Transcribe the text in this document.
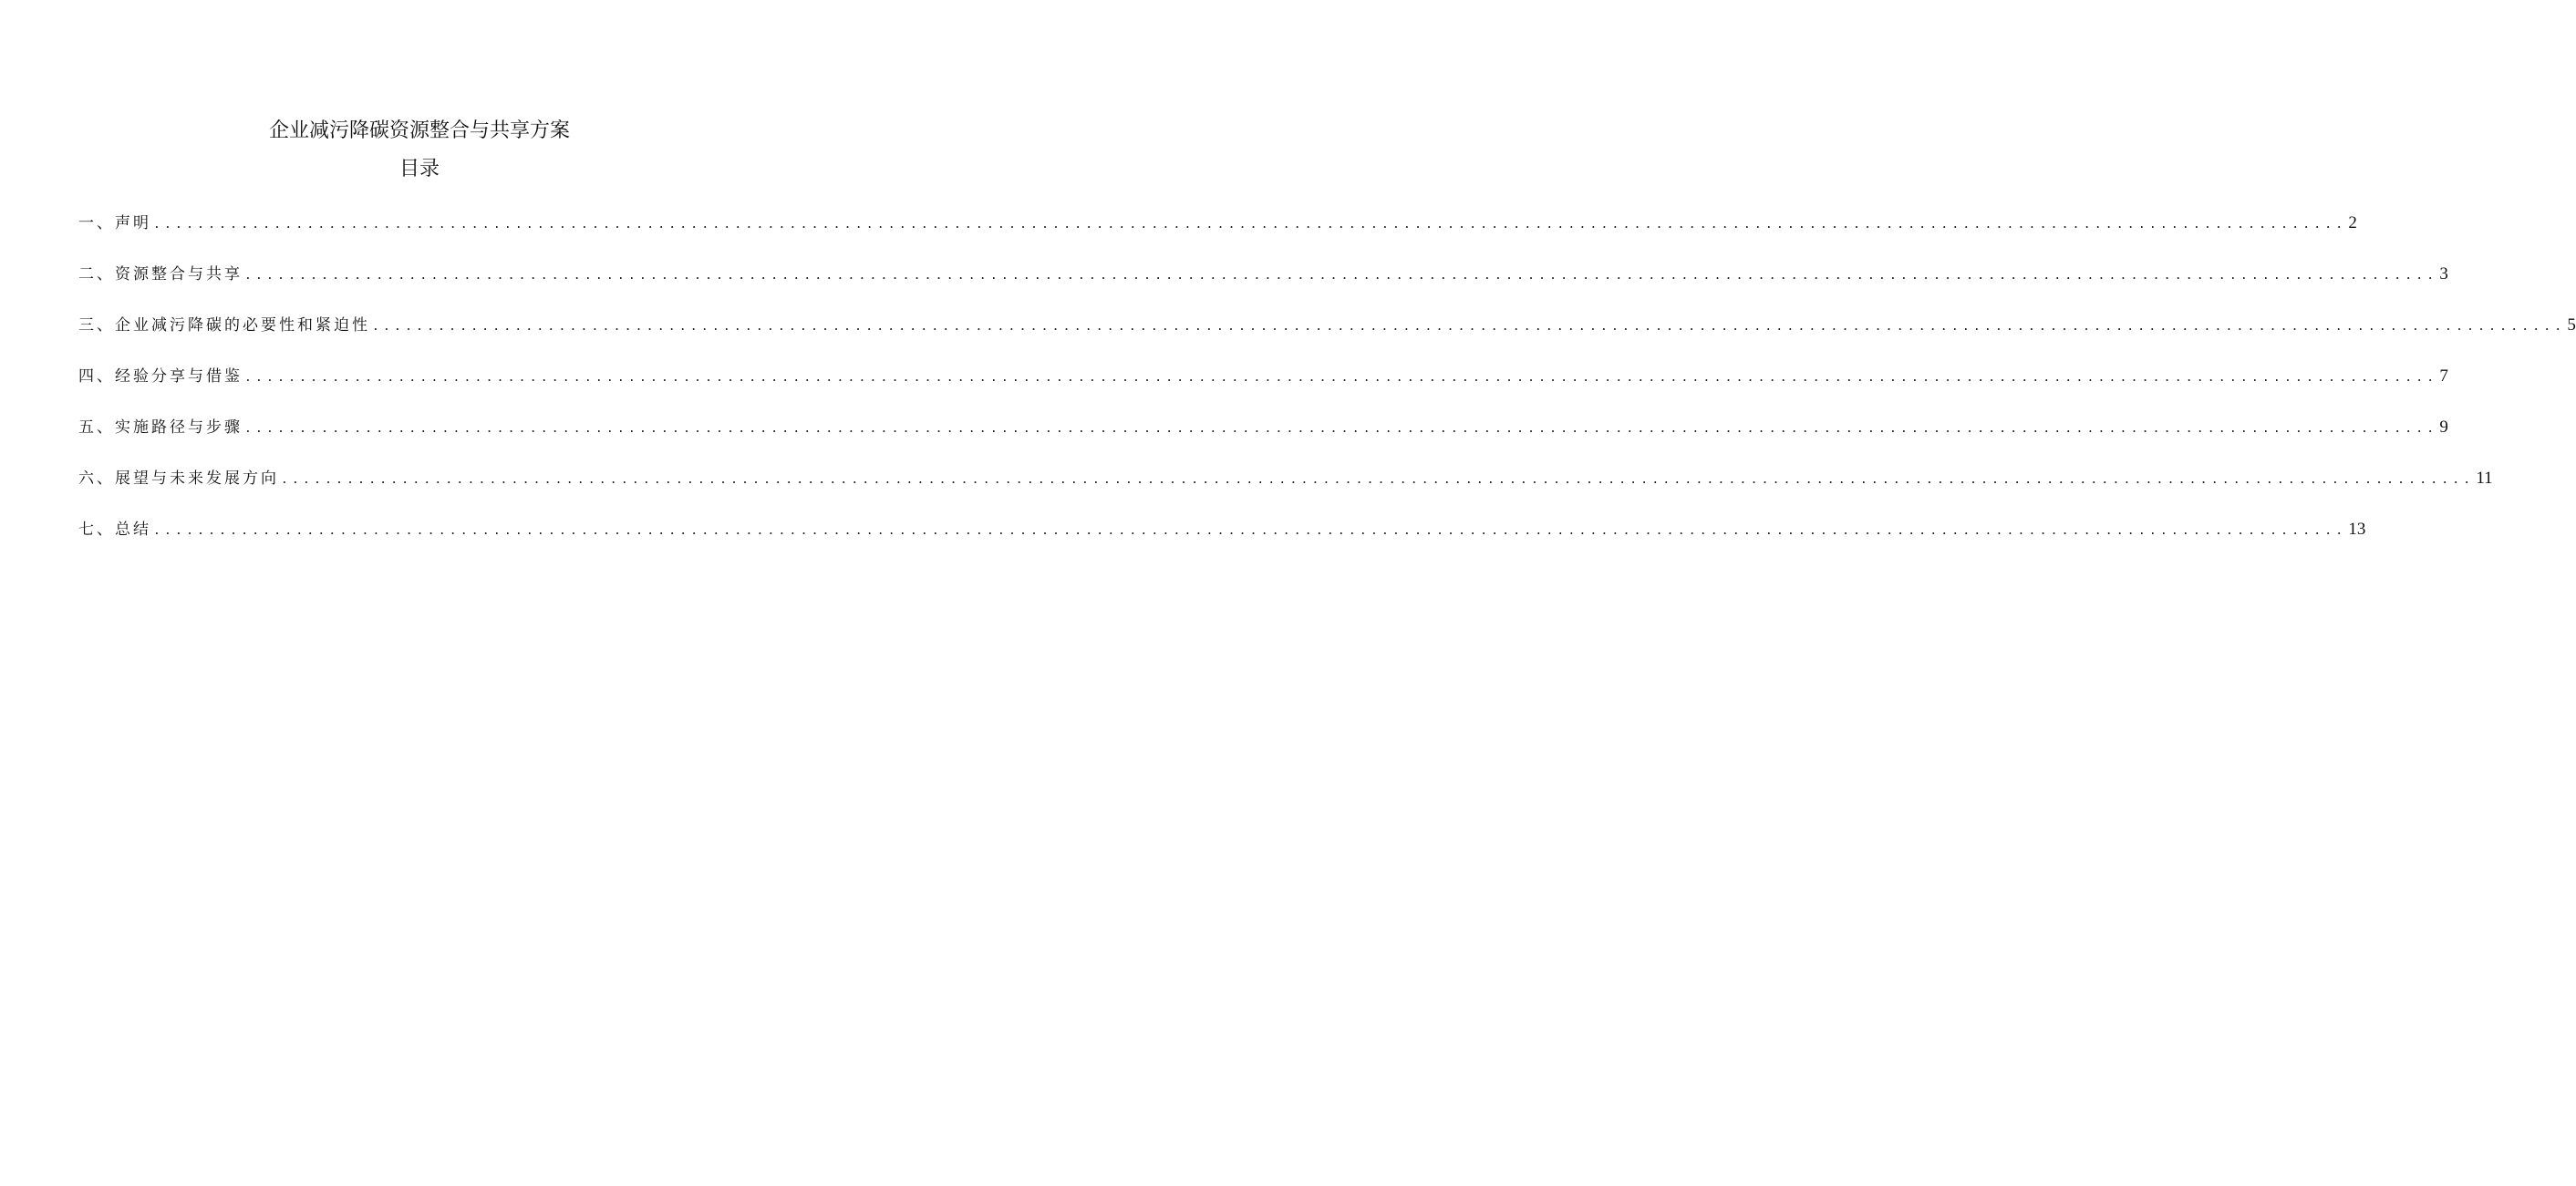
企业减污降碳资源整合与共享方案
目录
一、声明 ........................................................................................................................................................................................................ 2
二、资源整合与共享 ........................................................................................................................................................................................................ 3
三、企业减污降碳的必要性和紧迫性 ........................................................................................................................................................................................................ 5
四、经验分享与借鉴 ........................................................................................................................................................................................................ 7
五、实施路径与步骤 ........................................................................................................................................................................................................ 9
六、展望与未来发展方向 ........................................................................................................................................................................................................ 11
七、总结 ........................................................................................................................................................................................................ 13
